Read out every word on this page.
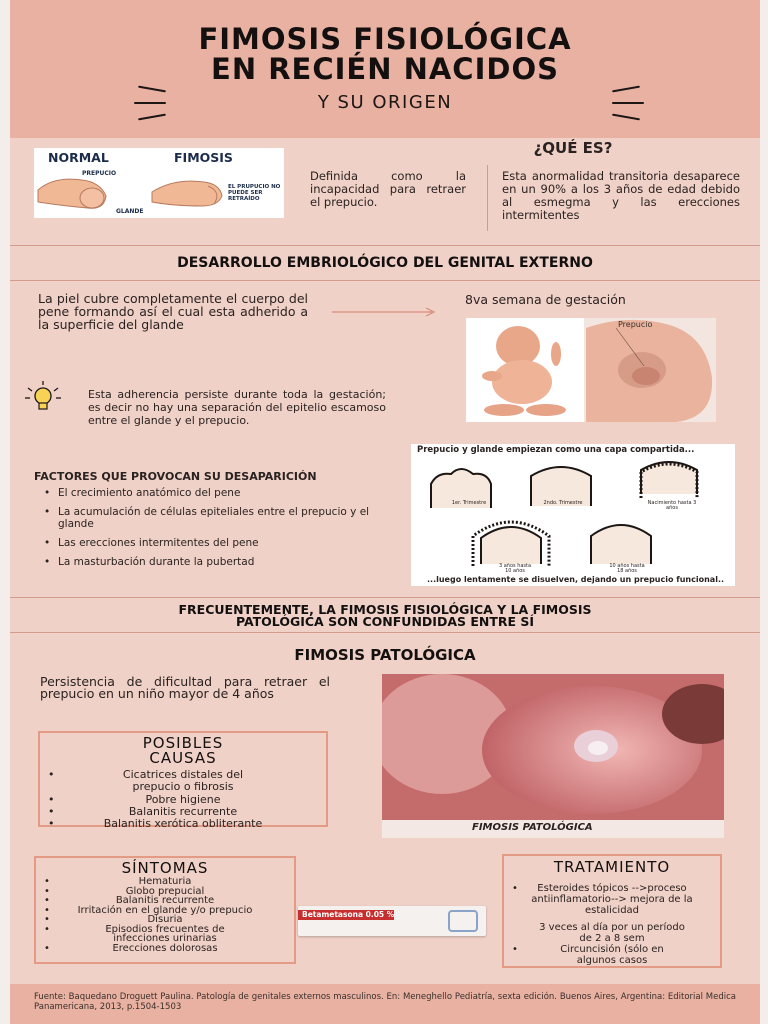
FIMOSIS FISIOLÓGICA
EN RECIÉN NACIDOS
Y SU ORIGEN
NORMAL	FIMOSIS
PREPUCIO
GLANDE
EL PRUPUCIO NO PUEDE SER RETRAÍDO
Definida como la incapacidad para retraer el prepucio.
¿QUÉ ES?
Esta anormalidad transitoria desaparece en un 90% a los 3 años de edad debido al esmegma y las erecciones intermitentes
DESARROLLO EMBRIOLÓGICO DEL GENITAL EXTERNO
La piel cubre completamente el cuerpo del pene formando así el cual esta adherido a la superficie del glande
8va semana de gestación
Prepucio
Esta adherencia persiste durante toda la gestación; es decir no hay una separación del epitelio escamoso entre el glande y el prepucio.
FACTORES QUE PROVOCAN SU DESAPARICIÓN
• El crecimiento anatómico del pene
• La acumulación de células epiteliales entre el prepucio y el glande
• Las erecciones intermitentes del pene
• La masturbación durante la pubertad
Prepucio y glande empiezan como una capa compartida...
1er. Trimestre	2ndo. Trimestre	Nacimiento hasta 3 años
3 años hasta 10 años
10 años hasta 18 años
...luego lentamente se disuelven, dejando un prepucio funcional..
FRECUENTEMENTE, LA FIMOSIS FISIOLÓGICA Y LA FIMOSIS
PATOLÓGICA SON CONFUNDIDAS ENTRE SÍ
FIMOSIS PATOLÓGICA
Persistencia de dificultad para retraer el prepucio en un niño mayor de 4 años
FIMOSIS PATOLÓGICA
POSIBLES
CAUSAS
• Cicatrices distales del prepucio o fibrosis
• Pobre higiene
• Balanitis recurrente
• Balanitis xerótica obliterante
SÍNTOMAS
• Hematuria
• Globo prepucial
• Balanitis recurrente
• Irritación en el glande y/o prepucio
• Disuria
• Episodios frecuentes de infecciones urinarias
• Erecciones dolorosas
Betametasona 0.05 %
TRATAMIENTO
• Esteroides tópicos -->proceso antiinflamatorio--> mejora de la estalicidad
3 veces al día por un período de 2 a 8 sem
• Circuncisión (sólo en algunos casos

Fuente: Baquedano Droguett Paulina. Patología de genitales externos masculinos. En: Meneghello Pediatría, sexta edición. Buenos Aires, Argentina: Editorial Medica Panamericana, 2013, p.1504-1503
